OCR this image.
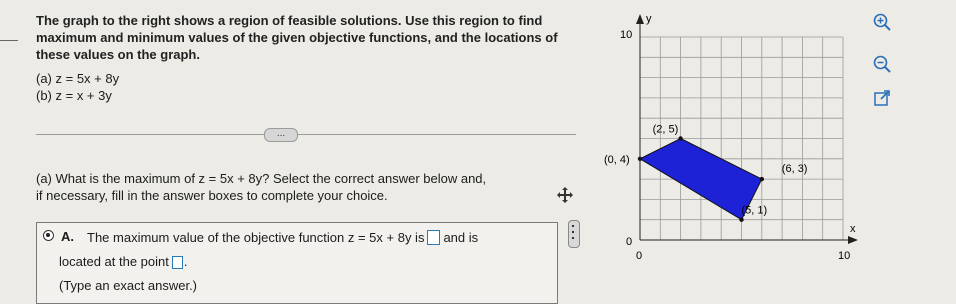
The graph to the right shows a region of feasible solutions. Use this region to find
maximum and minimum values of the given objective functions, and the locations of
these values on the graph.
(a) z = 5x + 8y
(b) z = x + 3y
...
(a) What is the maximum of z = 5x + 8y? Select the correct answer below and,
if necessary, fill in the answer boxes to complete your choice.
A. The maximum value of the objective function z = 5x + 8y is and is
located at the point .
(Type an exact answer.)
(2, 5)
(6, 3)
(5, 1)
(0, 4)
y
x
10
0
0	10
